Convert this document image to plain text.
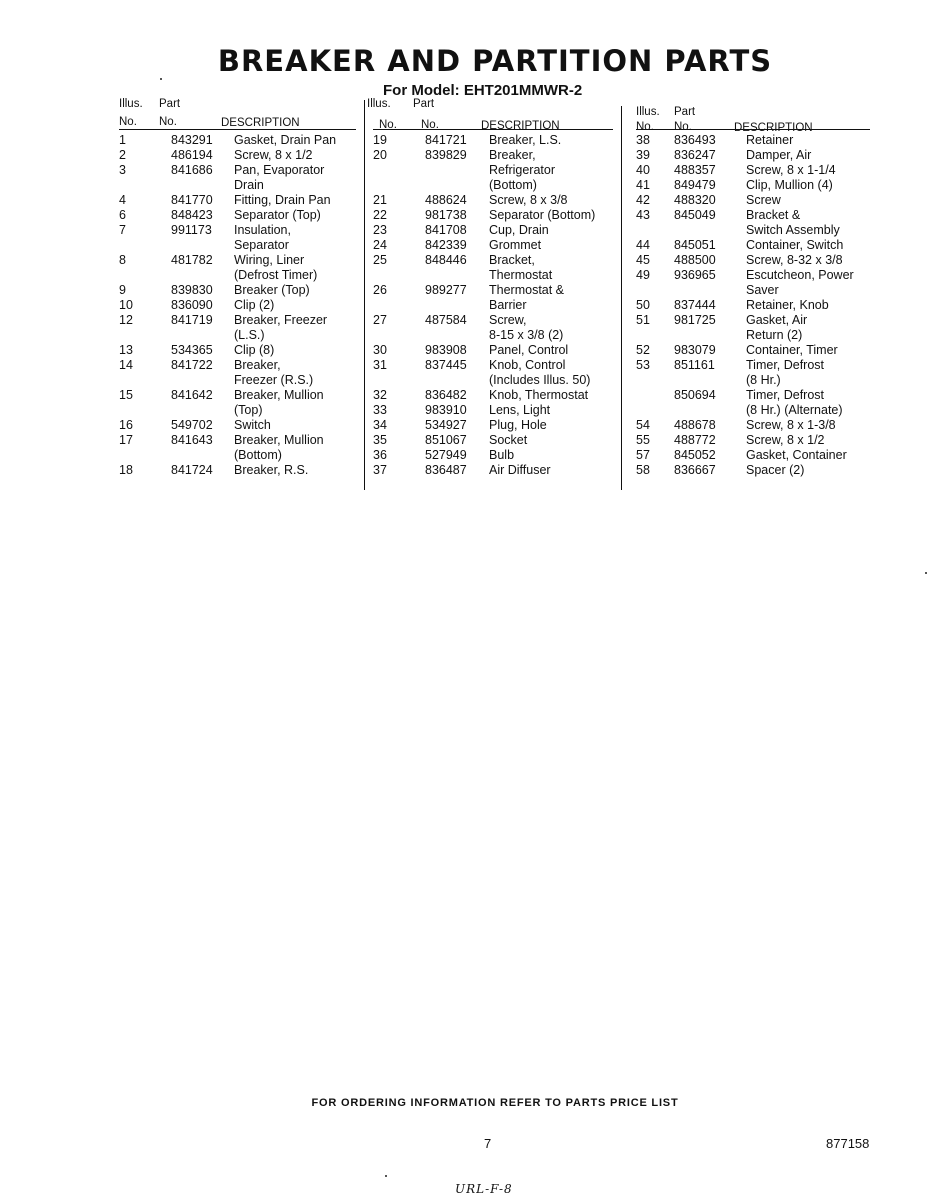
BREAKER AND PARTITION PARTS
For Model: EHT201MMWR-2
Illus. Part
No. No.	DESCRIPTION
1	843291 Gasket, Drain Pan
2	486194 Screw, 8 x 1/2
3	841686 Pan, Evaporator
Drain
4	841770 Fitting, Drain Pan
6	848423 Separator (Top)
7	991173 Insulation,
Separator
8	481782 Wiring, Liner
(Defrost Timer)
9	839830 Breaker (Top)
10	836090 Clip (2)
12	841719 Breaker, Freezer
(L.S.)
13	534365 Clip (8)
14	841722 Breaker,
Freezer (R.S.)
15	841642 Breaker, Mullion
(Top)
16	549702 Switch
17	841643 Breaker, Mullion
(Bottom)
18	841724 Breaker, R.S.
Illus. Part
No. No.	DESCRIPTION
19	841721 Breaker, L.S.
20	839829 Breaker,
Refrigerator
(Bottom)
21	488624 Screw, 8 x 3/8
22	981738 Separator (Bottom)
23	841708 Cup, Drain
24	842339 Grommet
25	848446 Bracket,
Thermostat
26	989277 Thermostat &
Barrier
27	487584 Screw,
8-15 x 3/8 (2)
30	983908 Panel, Control
31	837445 Knob, Control
(Includes Illus. 50)
32	836482 Knob, Thermostat
33	983910 Lens, Light
34	534927 Plug, Hole
35	851067 Socket
36	527949 Bulb
37	836487 Air Diffuser
Illus. Part
No. No.	DESCRIPTION
38 836493 Retainer
39 836247 Damper, Air
40 488357 Screw, 8 x 1-1/4
41 849479 Clip, Mullion (4)
42 488320 Screw
43 845049 Bracket &
Switch Assembly
44 845051 Container, Switch
45 488500 Screw, 8-32 x 3/8
49 936965 Escutcheon, Power
Saver
50 837444 Retainer, Knob
51 981725 Gasket, Air
Return (2)
52 983079 Container, Timer
53 851161 Timer, Defrost
(8 Hr.)
850694 Timer, Defrost
(8 Hr.) (Alternate)
54 488678 Screw, 8 x 1-3/8
55 488772 Screw, 8 x 1/2
57 845052 Gasket, Container
58 836667 Spacer (2)
FOR ORDERING INFORMATION REFER TO PARTS PRICE LIST
7	877158
URL-F-8
